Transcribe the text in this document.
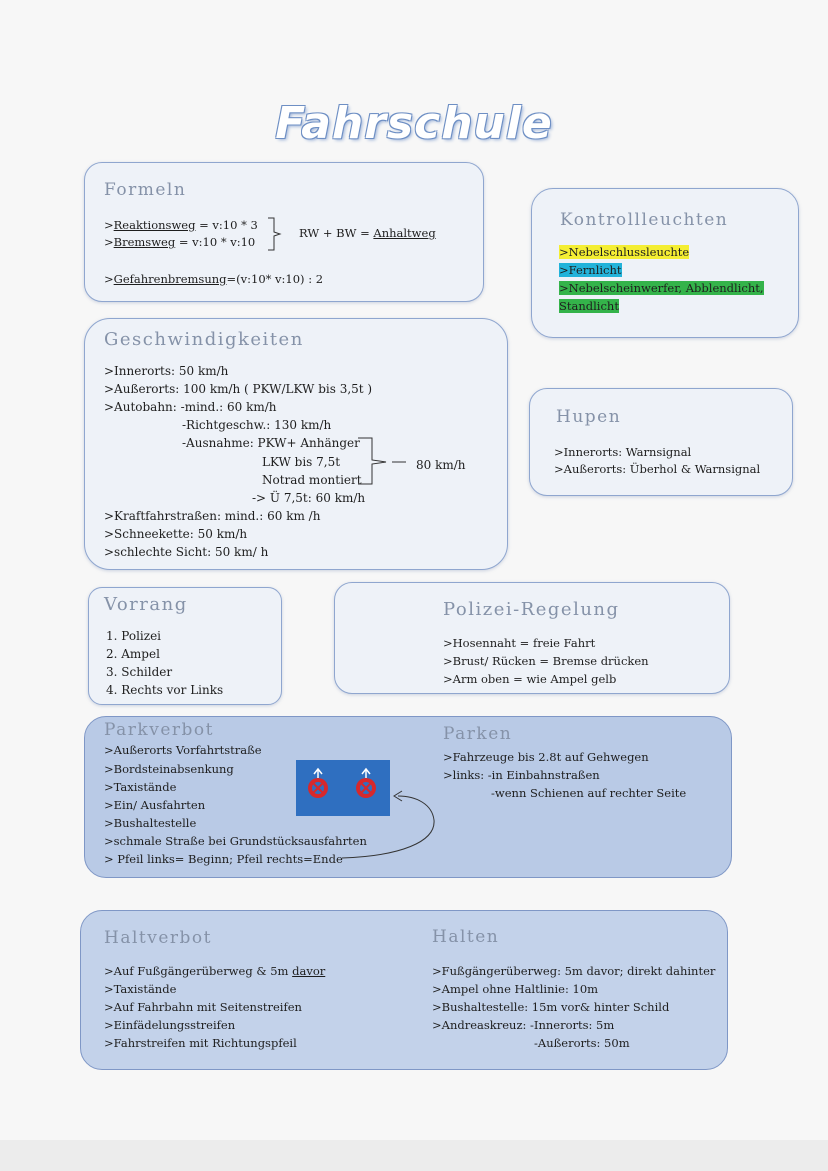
Fahrschule
Formeln
>Reaktionsweg = v:10 * 3
>Bremsweg = v:10 * v:10
RW + BW = Anhaltweg
>Gefahrenbremsung=(v:10* v:10) : 2
Kontrollleuchten
>Nebelschlussleuchte
>Fernlicht
>Nebelscheinwerfer, Abblendlicht,
Standlicht
Geschwindigkeiten
>Innerorts: 50 km/h
>Außerorts: 100 km/h ( PKW/LKW bis 3,5t )
>Autobahn: -mind.: 60 km/h
-Richtgeschw.: 130 km/h
-Ausnahme: PKW+ Anhänger
LKW bis 7,5t
Notrad montiert
80 km/h
-> Ü 7,5t: 60 km/h
>Kraftfahrstraßen: mind.: 60 km /h
>Schneekette: 50 km/h
>schlechte Sicht: 50 km/ h
Hupen
>Innerorts: Warnsignal
>Außerorts: Überhol & Warnsignal
Vorrang
1. Polizei
2. Ampel
3. Schilder
4. Rechts vor Links
Polizei-Regelung
>Hosennaht = freie Fahrt
>Brust/ Rücken = Bremse drücken
>Arm oben = wie Ampel gelb
Parkverbot
>Außerorts Vorfahrtstraße
>Bordsteinabsenkung
>Taxistände
>Ein/ Ausfahrten
>Bushaltestelle
>schmale Straße bei Grundstücksausfahrten
> Pfeil links= Beginn; Pfeil rechts=Ende
Parken
>Fahrzeuge bis 2.8t auf Gehwegen
>links: -in Einbahnstraßen
-wenn Schienen auf rechter Seite
Haltverbot
>Auf Fußgängerüberweg & 5m davor
>Taxistände
>Auf Fahrbahn mit Seitenstreifen
>Einfädelungsstreifen
>Fahrstreifen mit Richtungspfeil
Halten
>Fußgängerüberweg: 5m davor; direkt dahinter
>Ampel ohne Haltlinie: 10m
>Bushaltestelle: 15m vor& hinter Schild
>Andreaskreuz: -Innerorts: 5m
-Außerorts: 50m
